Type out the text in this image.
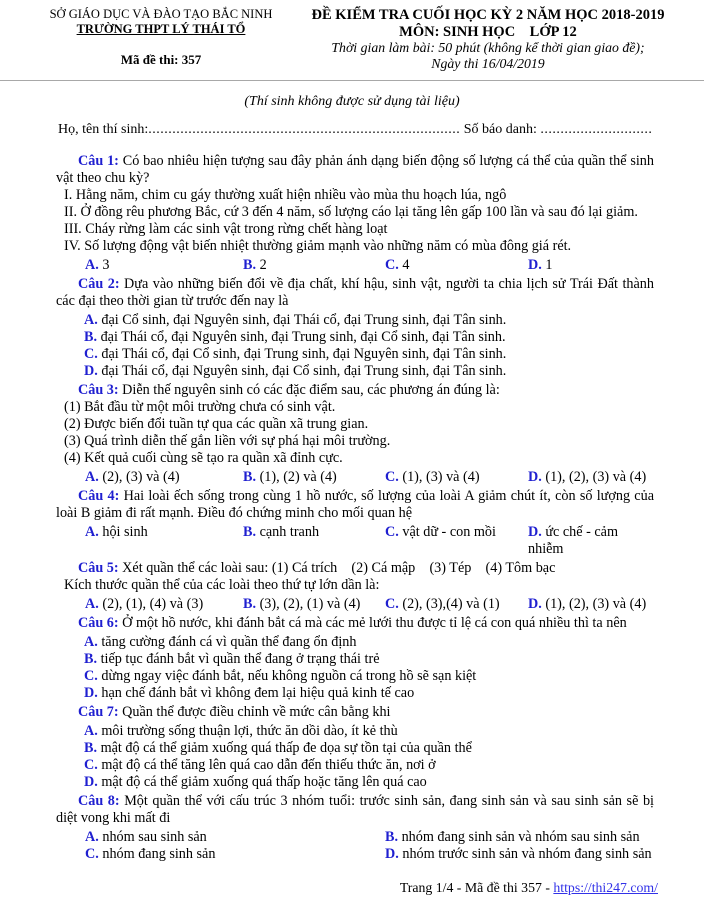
SỞ GIÁO DỤC VÀ ĐÀO TẠO BẮC NINH
TRƯỜNG THPT LÝ THÁI TỔ
Mã đề thi: 357
ĐỀ KIỂM TRA CUỐI HỌC KỲ 2 NĂM HỌC 2018-2019
MÔN: SINH HỌC    LỚP 12
Thời gian làm bài: 50 phút (không kể thời gian giao đề);
Ngày thi 16/04/2019
(Thí sinh không được sử dụng tài liệu)
Họ, tên thí sinh:.............................................................................. Số báo danh: ............................

Câu 1: Có bao nhiêu hiện tượng sau đây phản ánh dạng biến động số lượng cá thể của quần thể sinh vật theo chu kỳ?

I. Hằng năm, chim cu gáy thường xuất hiện nhiều vào mùa thu hoạch lúa, ngô

II. Ở đồng rêu phương Bắc, cứ 3 đến 4 năm, số lượng cáo lại tăng lên gấp 100 lần và sau đó lại giảm.

III. Cháy rừng làm các sinh vật trong rừng chết hàng loạt

IV. Số lượng động vật biến nhiệt thường giảm mạnh vào những năm có mùa đông giá rét.

A. 3	B. 2	C. 4	D. 1

Câu 2: Dựa vào những biến đổi về địa chất, khí hậu, sinh vật, người ta chia lịch sử Trái Đất thành các đại theo thời gian từ trước đến nay là

A. đại Cổ sinh, đại Nguyên sinh, đại Thái cổ, đại Trung sinh, đại Tân sinh.
B. đại Thái cổ, đại Nguyên sinh, đại Trung sinh, đại Cổ sinh, đại Tân sinh.
C. đại Thái cổ, đại Cổ sinh, đại Trung sinh, đại Nguyên sinh, đại Tân sinh.
D. đại Thái cổ, đại Nguyên sinh, đại Cổ sinh, đại Trung sinh, đại Tân sinh.

Câu 3: Diễn thế nguyên sinh có các đặc điểm sau, các phương án đúng là:

(1) Bắt đầu từ một môi trường chưa có sinh vật.

(2) Được biến đổi tuần tự qua các quần xã trung gian.

(3) Quá trình diễn thế gắn liền với sự phá hại môi trường.

(4) Kết quả cuối cùng sẽ tạo ra quần xã đỉnh cực.

A. (2), (3) và (4)	B. (1), (2) và (4)	C. (1), (3) và (4)	D. (1), (2), (3) và (4)

Câu 4: Hai loài ếch sống trong cùng 1 hồ nước, số lượng của loài A giảm chút ít, còn số lượng của loài B giảm đi rất mạnh. Điều đó chứng minh cho mối quan hệ

A. hội sinh	B. cạnh tranh	C. vật dữ - con mồi	D. ức chế - cảm nhiễm

Câu 5: Xét quần thể các loài sau: (1) Cá trích    (2) Cá mập    (3) Tép    (4) Tôm bạc

Kích thước quần thể của các loài theo thứ tự lớn dần là:

A. (2), (1), (4) và (3)	B. (3), (2), (1) và (4)	C. (2), (3),(4) và (1)	D. (1), (2), (3) và (4)

Câu 6: Ở một hồ nước, khi đánh bắt cá mà các mẻ lưới thu được tỉ lệ cá con quá nhiều thì ta nên

A. tăng cường đánh cá vì quần thể đang ổn định
B. tiếp tục đánh bắt vì quần thể đang ở trạng thái trẻ
C. dừng ngay việc đánh bắt, nếu không nguồn cá trong hồ sẽ sạn kiệt
D. hạn chế đánh bắt vì không đem lại hiệu quả kinh tế cao

Câu 7: Quần thể được điều chỉnh về mức cân bằng khi

A. môi trường sống thuận lợi, thức ăn dồi dào, ít kẻ thù
B. mật độ cá thể giảm xuống quá thấp đe dọa sự tồn tại của quần thể
C. mật độ cá thể tăng lên quá cao dẫn đến thiếu thức ăn, nơi ở
D. mật độ cá thể giảm xuống quá thấp hoặc tăng lên quá cao

Câu 8: Một quần thể với cấu trúc 3 nhóm tuổi: trước sinh sản, đang sinh sản và sau sinh sản sẽ bị diệt vong khi mất đi

A. nhóm sau sinh sản	B. nhóm đang sinh sản và nhóm sau sinh sản
C. nhóm đang sinh sản	D. nhóm trước sinh sản và nhóm đang sinh sản
Trang 1/4 - Mã đề thi 357 - https://thi247.com/
